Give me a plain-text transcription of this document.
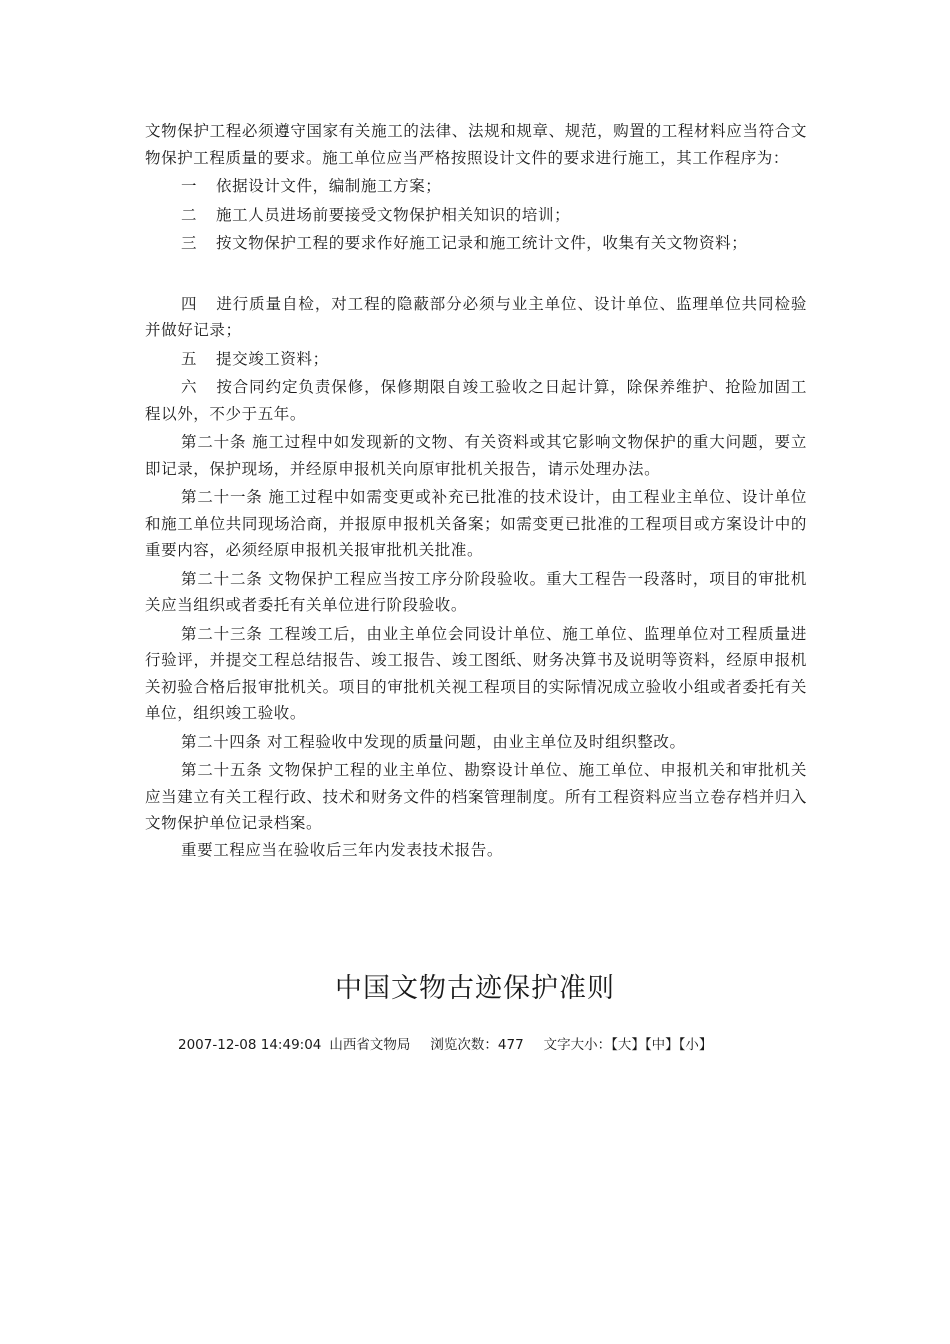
文物保护工程必须遵守国家有关施工的法律、法规和规章、规范，购置的工程材料应当符合文物保护工程质量的要求。施工单位应当严格按照设计文件的要求进行施工，其工作程序为：

一 依据设计文件，编制施工方案；

二 施工人员进场前要接受文物保护相关知识的培训；

三 按文物保护工程的要求作好施工记录和施工统计文件，收集有关文物资料；

四 进行质量自检，对工程的隐蔽部分必须与业主单位、设计单位、监理单位共同检验并做好记录；

五 提交竣工资料；

六 按合同约定负责保修，保修期限自竣工验收之日起计算，除保养维护、抢险加固工程以外，不少于五年。

第二十条 施工过程中如发现新的文物、有关资料或其它影响文物保护的重大问题，要立即记录，保护现场，并经原申报机关向原审批机关报告，请示处理办法。

第二十一条 施工过程中如需变更或补充已批准的技术设计，由工程业主单位、设计单位和施工单位共同现场洽商，并报原申报机关备案；如需变更已批准的工程项目或方案设计中的重要内容，必须经原申报机关报审批机关批准。

第二十二条 文物保护工程应当按工序分阶段验收。重大工程告一段落时，项目的审批机关应当组织或者委托有关单位进行阶段验收。

第二十三条 工程竣工后，由业主单位会同设计单位、施工单位、监理单位对工程质量进行验评，并提交工程总结报告、竣工报告、竣工图纸、财务决算书及说明等资料，经原申报机关初验合格后报审批机关。项目的审批机关视工程项目的实际情况成立验收小组或者委托有关单位，组织竣工验收。

第二十四条 对工程验收中发现的质量问题，由业主单位及时组织整改。

第二十五条 文物保护工程的业主单位、勘察设计单位、施工单位、申报机关和审批机关应当建立有关工程行政、技术和财务文件的档案管理制度。所有工程资料应当立卷存档并归入文物保护单位记录档案。

重要工程应当在验收后三年内发表技术报告。

中国文物古迹保护准则
2007-12-08 14:49:04 山西省文物局 浏览次数：477 文字大小：【大】【中】【小】
